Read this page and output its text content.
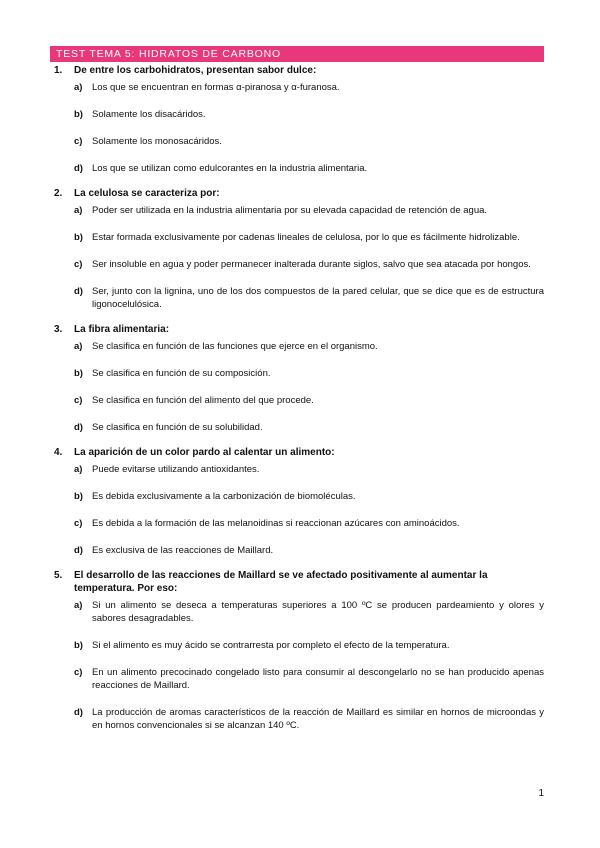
TEST TEMA 5: HIDRATOS DE CARBONO
1.	De entre los carbohidratos, presentan sabor dulce:
a)	Los que se encuentran en formas α-piranosa y α-furanosa.
b) Solamente los disacáridos.
c)	Solamente los monosacáridos.
d) Los que se utilizan como edulcorantes en la industria alimentaria.
2.	La celulosa se caracteriza por:
a)	Poder ser utilizada en la industria alimentaria por su elevada capacidad de retención de agua.
b) Estar formada exclusivamente por cadenas lineales de celulosa, por lo que es fácilmente hidrolizable.
c)	Ser insoluble en agua y poder permanecer inalterada durante siglos, salvo que sea atacada por hongos.
d) Ser, junto con la lignina, uno de los dos compuestos de la pared celular, que se dice que es de estructura ligonocelulósica.
3.	La fibra alimentaria:
a)	Se clasifica en función de las funciones que ejerce en el organismo.
b) Se clasifica en función de su composición.
c)	Se clasifica en función del alimento del que procede.
d) Se clasifica en función de su solubilidad.
4.	La aparición de un color pardo al calentar un alimento:
a)	Puede evitarse utilizando antioxidantes.
b) Es debida exclusivamente a la carbonización de biomoléculas.
c)	Es debida a la formación de las melanoidinas si reaccionan azúcares con aminoácidos.
d) Es exclusiva de las reacciones de Maillard.
5.	El desarrollo de las reacciones de Maillard se ve afectado positivamente al aumentar la temperatura. Por eso:
a)	Si un alimento se deseca a temperaturas superiores a 100 ºC se producen pardeamiento y olores y sabores desagradables.
b) Si el alimento es muy ácido se contrarresta por completo el efecto de la temperatura.
c)	En un alimento precocinado congelado listo para consumir al descongelarlo no se han producido apenas reacciones de Maillard.
d) La producción de aromas característicos de la reacción de Maillard es similar en hornos de microondas y en hornos convencionales si se alcanzan 140 ºC.
1
